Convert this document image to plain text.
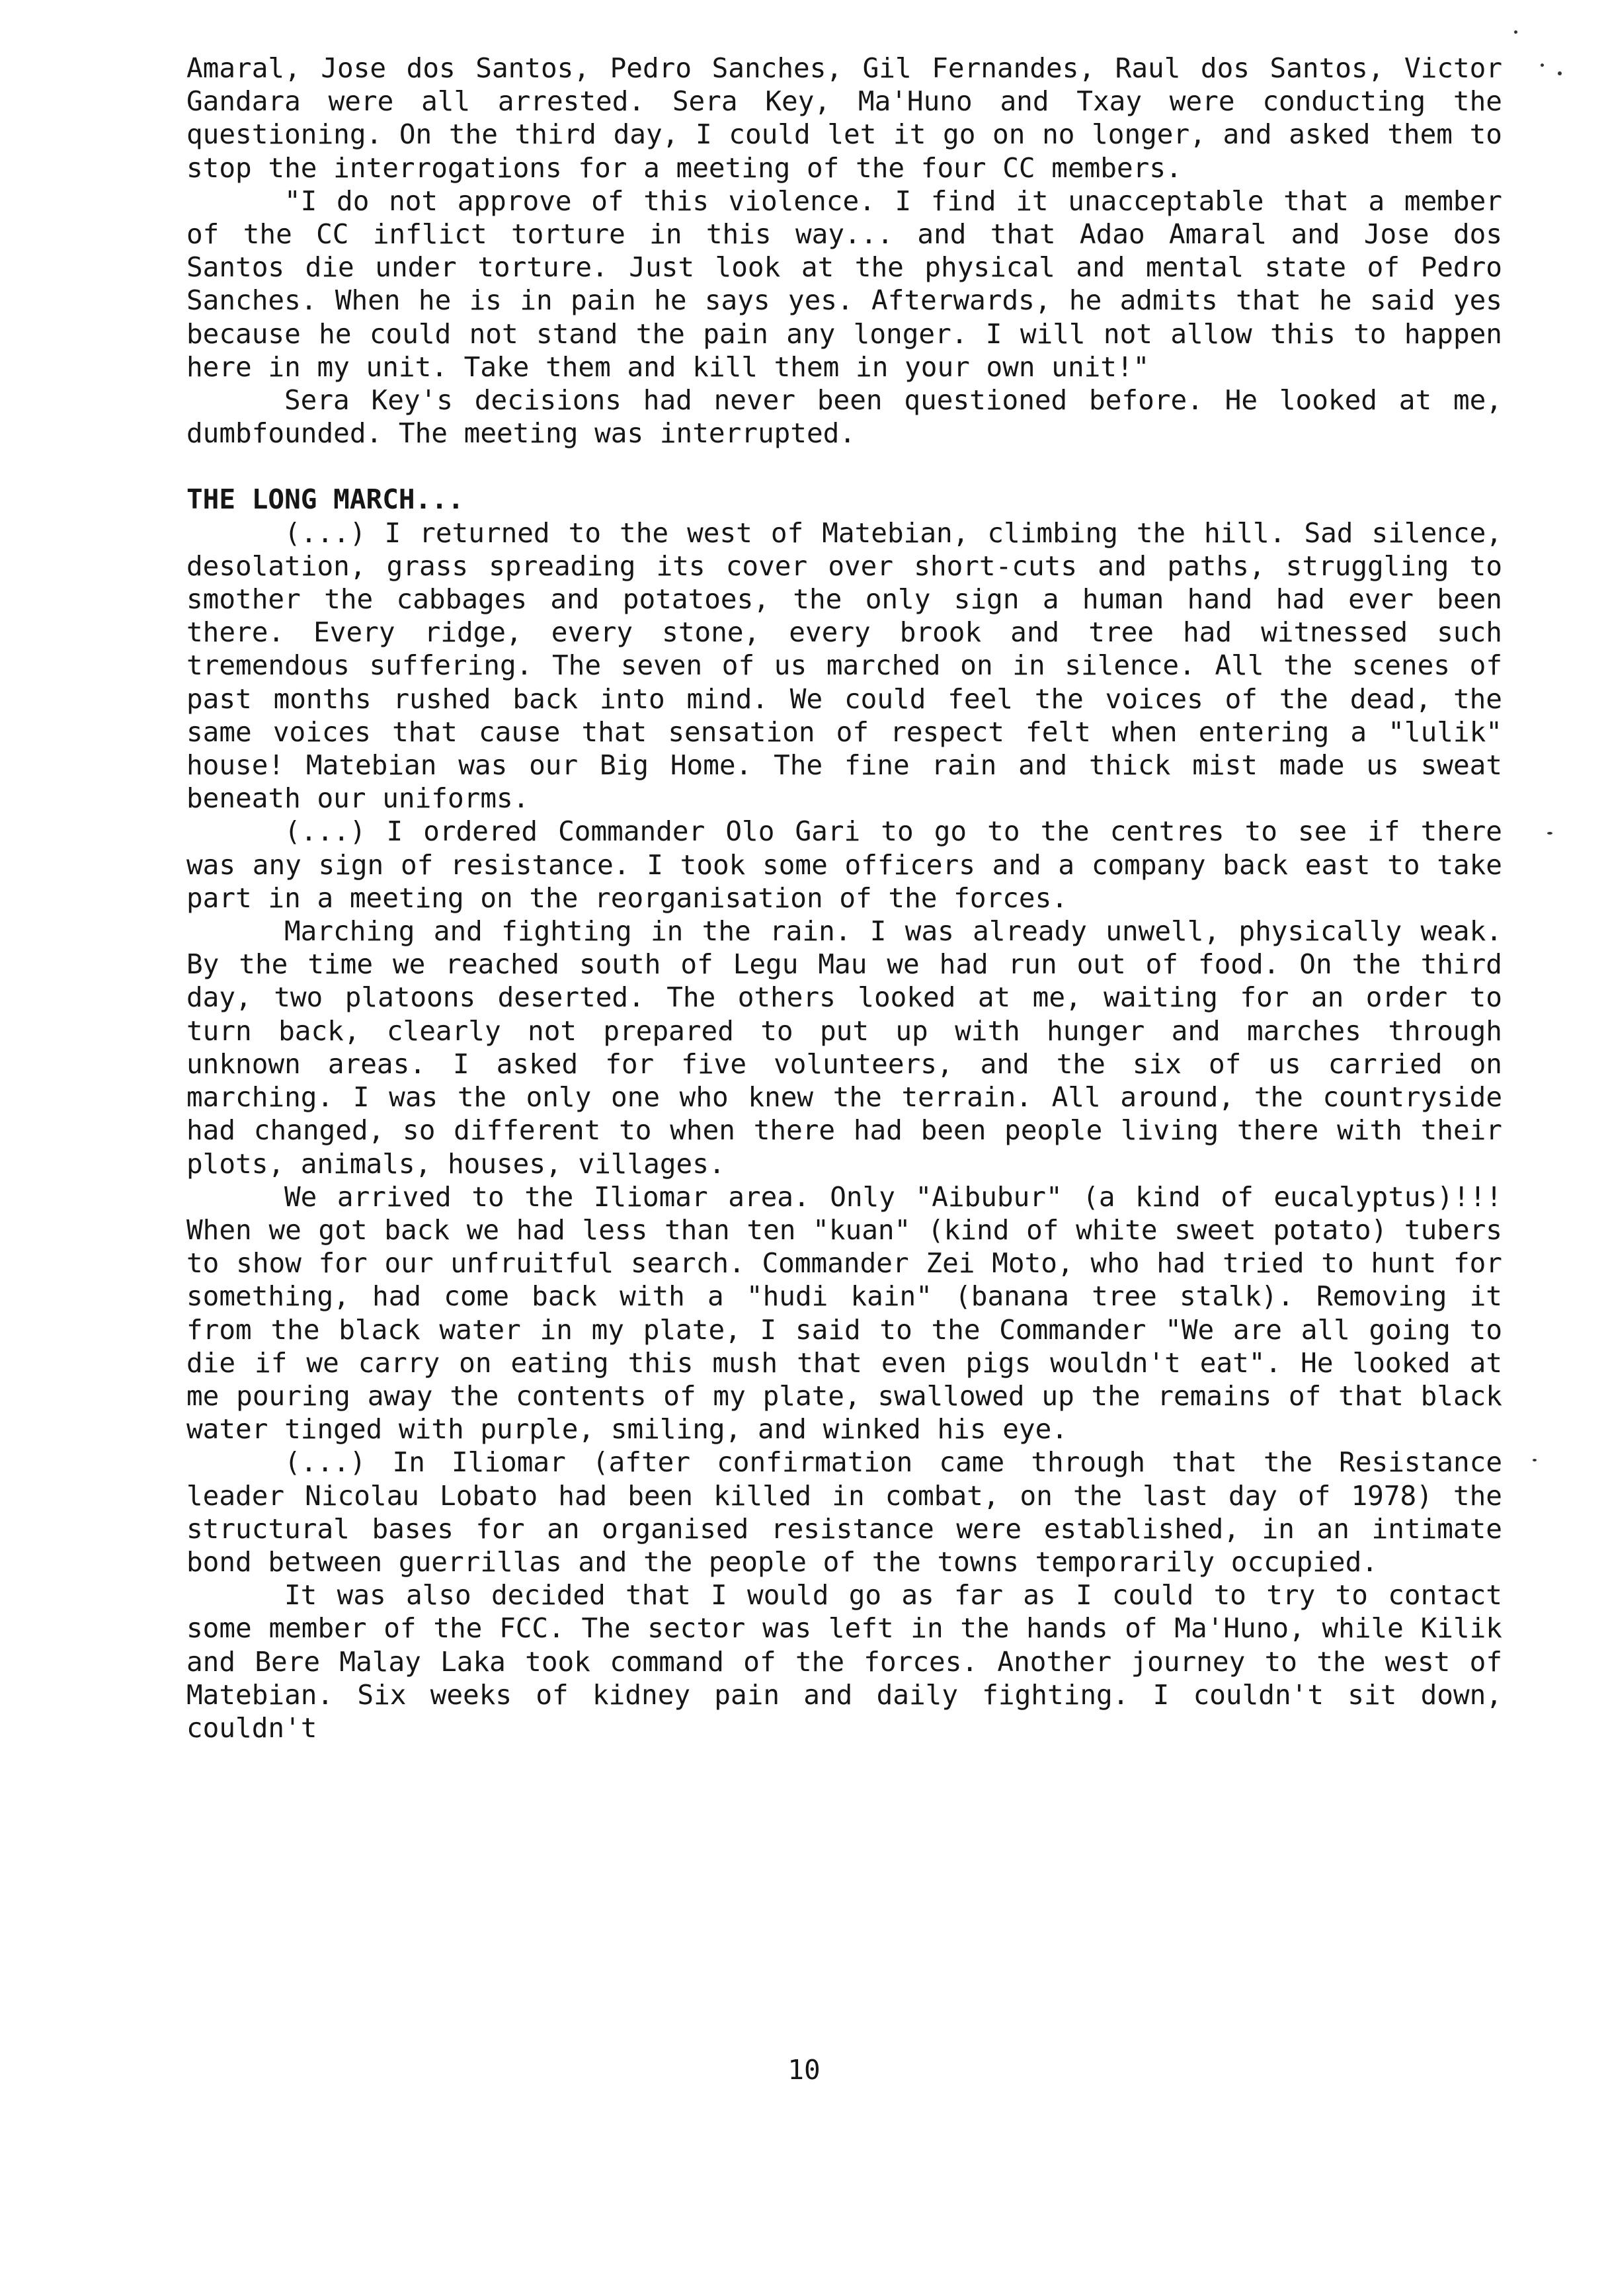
Amaral, Jose dos Santos, Pedro Sanches, Gil Fernandes, Raul dos Santos, Victor Gandara were all arrested. Sera Key, Ma'Huno and Txay were conducting the questioning. On the third day, I could let it go on no longer, and asked them to stop the interrogations for a meeting of the four CC members.

"I do not approve of this violence. I find it unacceptable that a member of the CC inflict torture in this way... and that Adao Amaral and Jose dos Santos die under torture. Just look at the physical and mental state of Pedro Sanches. When he is in pain he says yes. Afterwards, he admits that he said yes because he could not stand the pain any longer. I will not allow this to happen here in my unit. Take them and kill them in your own unit!"

Sera Key's decisions had never been questioned before. He looked at me, dumbfounded. The meeting was interrupted.

THE LONG MARCH...

(...) I returned to the west of Matebian, climbing the hill. Sad silence, desolation, grass spreading its cover over short-cuts and paths, struggling to smother the cabbages and potatoes, the only sign a human hand had ever been there. Every ridge, every stone, every brook and tree had witnessed such tremendous suffering. The seven of us marched on in silence. All the scenes of past months rushed back into mind. We could feel the voices of the dead, the same voices that cause that sensation of respect felt when entering a "lulik" house! Matebian was our Big Home. The fine rain and thick mist made us sweat beneath our uniforms.

(...) I ordered Commander Olo Gari to go to the centres to see if there was any sign of resistance. I took some officers and a company back east to take part in a meeting on the reorganisation of the forces.

Marching and fighting in the rain. I was already unwell, physically weak. By the time we reached south of Legu Mau we had run out of food. On the third day, two platoons deserted. The others looked at me, waiting for an order to turn back, clearly not prepared to put up with hunger and marches through unknown areas. I asked for five volunteers, and the six of us carried on marching. I was the only one who knew the terrain. All around, the countryside had changed, so different to when there had been people living there with their plots, animals, houses, villages.

We arrived to the Iliomar area. Only "Aibubur" (a kind of eucalyptus)!!! When we got back we had less than ten "kuan" (kind of white sweet potato) tubers to show for our unfruitful search. Commander Zei Moto, who had tried to hunt for something, had come back with a "hudi kain" (banana tree stalk). Removing it from the black water in my plate, I said to the Commander "We are all going to die if we carry on eating this mush that even pigs wouldn't eat". He looked at me pouring away the contents of my plate, swallowed up the remains of that black water tinged with purple, smiling, and winked his eye.

(...) In Iliomar (after confirmation came through that the Resistance leader Nicolau Lobato had been killed in combat, on the last day of 1978) the structural bases for an organised resistance were established, in an intimate bond between guerrillas and the people of the towns temporarily occupied.

It was also decided that I would go as far as I could to try to contact some member of the FCC. The sector was left in the hands of Ma'Huno, while Kilik and Bere Malay Laka took command of the forces. Another journey to the west of Matebian. Six weeks of kidney pain and daily fighting. I couldn't sit down, couldn't

10
